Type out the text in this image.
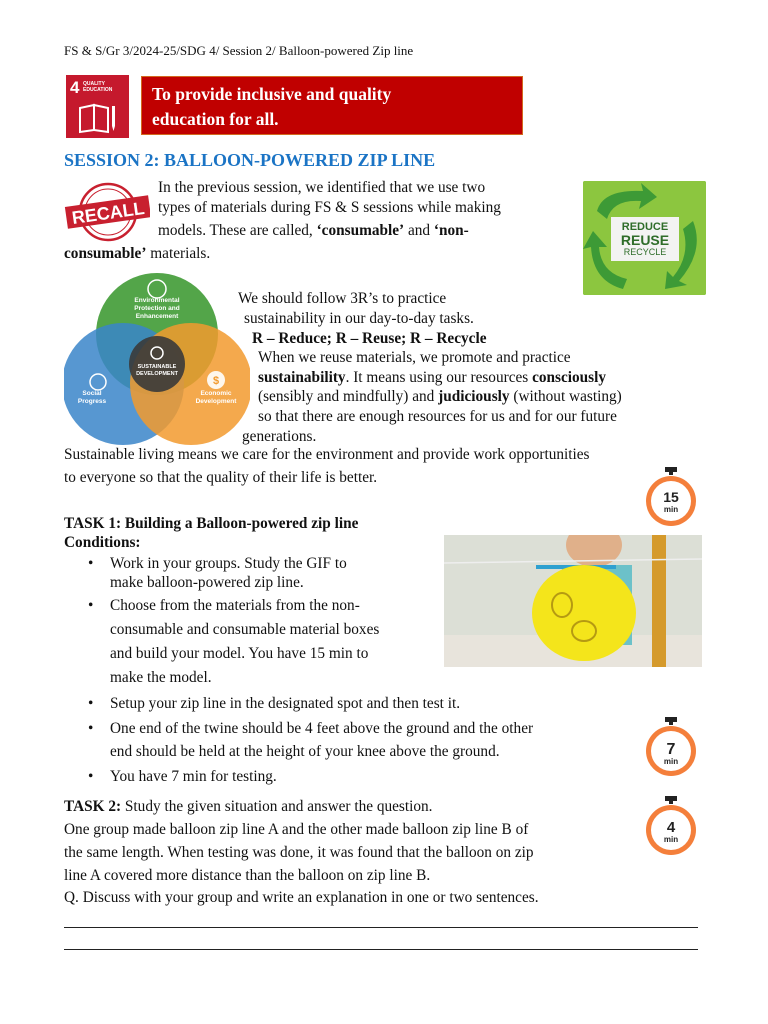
FS & S/Gr 3/2024-25/SDG 4/ Session 2/ Balloon-powered Zip line
4 QUALITY
EDUCATION To provide inclusive and quality
education for all.
SESSION 2: BALLOON-POWERED ZIP LINE
RECALL
In the previous session, we identified that we use two
types of materials during FS & S sessions while making
models. These are called, ‘consumable’ and ‘non-
consumable’ materials.
REDUCE
REUSE
RECYCLE
$
Environmental Protection and Enhancement
Social Progress
Economic Development
SUSTAINABLE DEVELOPMENT
We should follow 3R’s to practice
sustainability in our day-to-day tasks.
R – Reduce; R – Reuse; R – Recycle
When we reuse materials, we promote and practice
sustainability. It means using our resources consciously
(sensibly and mindfully) and judiciously (without wasting)
so that there are enough resources for us and for our future
generations.
Sustainable living means we care for the environment and provide work opportunities
to everyone so that the quality of their life is better.
15
min
7
min
4
min
TASK 1: Building a Balloon-powered zip line
Conditions:
• Work in your groups. Study the GIF to
make balloon-powered zip line.
• Choose from the materials from the non-
consumable and consumable material boxes
and build your model. You have 15 min to
make the model.
• Setup your zip line in the designated spot and then test it.
• One end of the twine should be 4 feet above the ground and the other
end should be held at the height of your knee above the ground.
• You have 7 min for testing.
TASK 2: Study the given situation and answer the question.
One group made balloon zip line A and the other made balloon zip line B of
the same length. When testing was done, it was found that the balloon on zip
line A covered more distance than the balloon on zip line B.
Q. Discuss with your group and write an explanation in one or two sentences.
